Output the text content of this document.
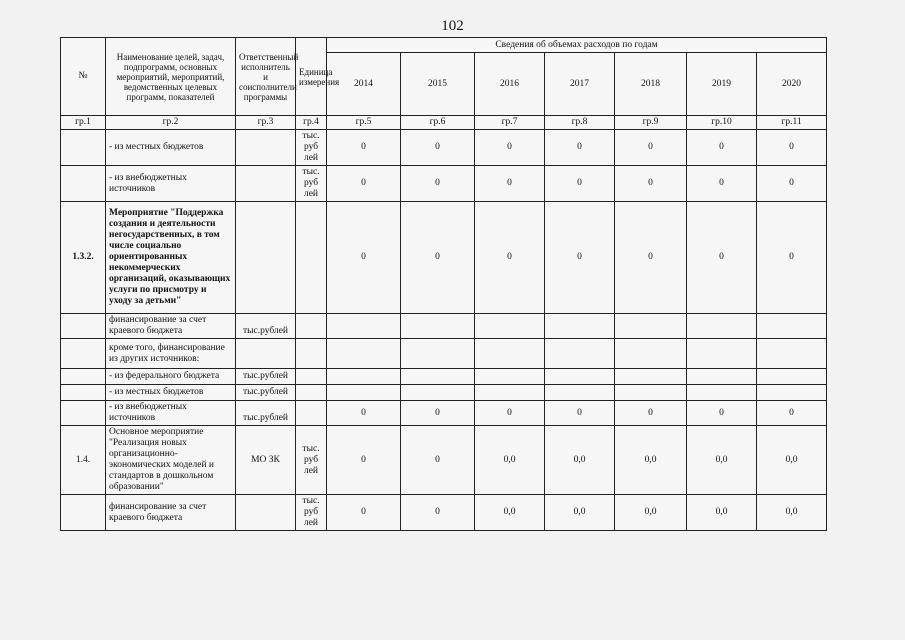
102
№	Наименование целей, задач, подпрограмм, основных мероприятий, мероприятий, ведомственных целевых программ, показателей	Ответственный исполнитель и соисполнители программы	Единица измерения	Сведения об объемах расходов по годам						
				2014	2015	2016	2017	2018	2019	2020
гр.1	гр.2	гр.3	гр.4	гр.5	гр.6	гр.7	гр.8	гр.9	гр.10	гр.11
	- из местных бюджетов		тыс. руб лей	0	0	0	0	0	0	0
	- из внебюджетных источников		тыс. руб лей	0	0	0	0	0	0	0
1.3.2.	Мероприятие "Поддержка создания и деятельности негосударственных, в том числе социально ориентированных некоммерческих организаций, оказывающих услуги по присмотру и уходу за детьми"			0	0	0	0	0	0	0
	финансирование за счет краевого бюджета	тыс.рублей								
	кроме того, финансирование из других источников:									
	- из федерального бюджета	тыс.рублей								
	- из местных бюджетов	тыс.рублей								
	- из внебюджетных источников	тыс.рублей		0	0	0	0	0	0	0
1.4.	Основное мероприятие "Реализация новых организационно-экономических моделей и стандартов в дошкольном образовании"	МО ЗК	тыс. руб лей	0	0	0,0	0,0	0,0	0,0	0,0
	финансирование за счет краевого бюджета		тыс. руб лей	0	0	0,0	0,0	0,0	0,0	0,0
